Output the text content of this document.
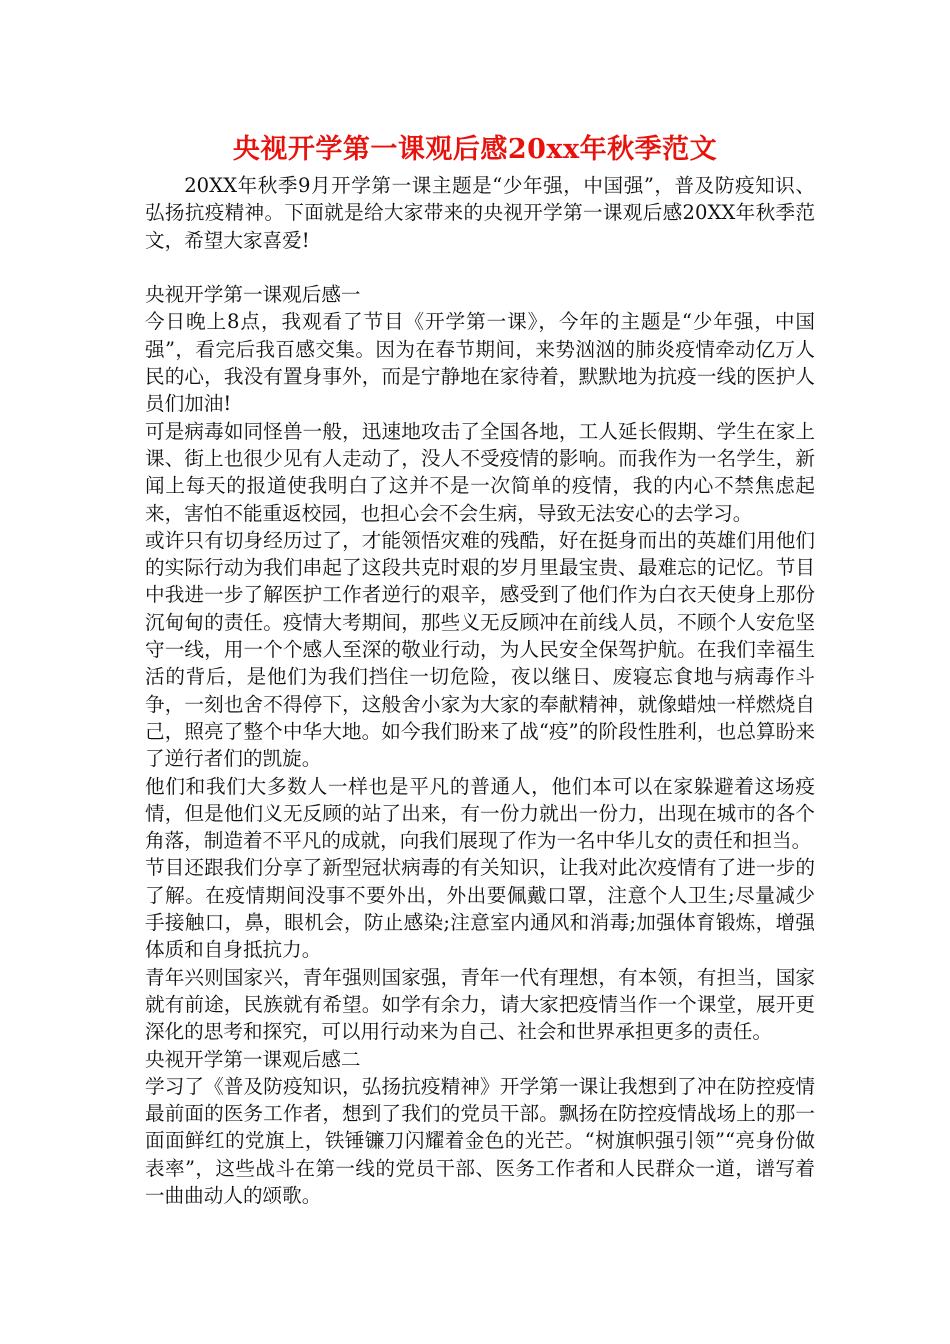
央视开学第一课观后感20xx年秋季范文

20XX年秋季9月开学第一课主题是“少年强，中国强”，普及防疫知识、弘扬抗疫精神。下面就是给大家带来的央视开学第一课观后感20XX年秋季范文，希望大家喜爱!

央视开学第一课观后感一

今日晚上8点，我观看了节目《开学第一课》，今年的主题是“少年强，中国强”，看完后我百感交集。因为在春节期间，来势汹汹的肺炎疫情牵动亿万人民的心，我没有置身事外，而是宁静地在家待着，默默地为抗疫一线的医护人员们加油!

可是病毒如同怪兽一般，迅速地攻击了全国各地，工人延长假期、学生在家上课、街上也很少见有人走动了，没人不受疫情的影响。而我作为一名学生，新闻上每天的报道使我明白了这并不是一次简单的疫情，我的内心不禁焦虑起来，害怕不能重返校园，也担心会不会生病，导致无法安心的去学习。

或许只有切身经历过了，才能领悟灾难的残酷，好在挺身而出的英雄们用他们的实际行动为我们串起了这段共克时艰的岁月里最宝贵、最难忘的记忆。节目中我进一步了解医护工作者逆行的艰辛，感受到了他们作为白衣天使身上那份沉甸甸的责任。疫情大考期间，那些义无反顾冲在前线人员，不顾个人安危坚守一线，用一个个感人至深的敬业行动，为人民安全保驾护航。在我们幸福生活的背后，是他们为我们挡住一切危险，夜以继日、废寝忘食地与病毒作斗争，一刻也舍不得停下，这般舍小家为大家的奉献精神，就像蜡烛一样燃烧自己，照亮了整个中华大地。如今我们盼来了战“疫”的阶段性胜利，也总算盼来了逆行者们的凯旋。

他们和我们大多数人一样也是平凡的普通人，他们本可以在家躲避着这场疫情，但是他们义无反顾的站了出来，有一份力就出一份力，出现在城市的各个角落，制造着不平凡的成就，向我们展现了作为一名中华儿女的责任和担当。

节目还跟我们分享了新型冠状病毒的有关知识，让我对此次疫情有了进一步的了解。在疫情期间没事不要外出，外出要佩戴口罩，注意个人卫生;尽量减少手接触口，鼻，眼机会，防止感染;注意室内通风和消毒;加强体育锻炼，增强体质和自身抵抗力。

青年兴则国家兴，青年强则国家强，青年一代有理想，有本领，有担当，国家就有前途，民族就有希望。如学有余力，请大家把疫情当作一个课堂，展开更深化的思考和探究，可以用行动来为自己、社会和世界承担更多的责任。

央视开学第一课观后感二

学习了《普及防疫知识，弘扬抗疫精神》开学第一课让我想到了冲在防控疫情最前面的医务工作者，想到了我们的党员干部。飘扬在防控疫情战场上的那一面面鲜红的党旗上，铁锤镰刀闪耀着金色的光芒。“树旗帜强引领”“亮身份做表率”，这些战斗在第一线的党员干部、医务工作者和人民群众一道，谱写着一曲曲动人的颂歌。
